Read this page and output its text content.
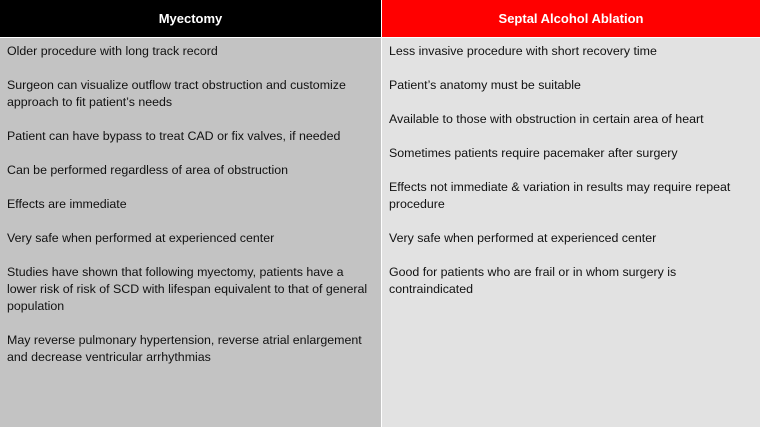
Myectomy
Older procedure with long track record
Surgeon can visualize outflow tract obstruction and customize approach to fit patient’s needs
Patient can have bypass to treat CAD or fix valves, if needed
Can be performed regardless of area of obstruction
Effects are immediate
Very safe when performed at experienced center
Studies have shown that following myectomy, patients have a lower risk of risk of SCD with lifespan equivalent to that of general population
May reverse pulmonary hypertension, reverse atrial enlargement and decrease ventricular arrhythmias
Septal Alcohol Ablation
Less invasive procedure with short recovery time
Patient’s anatomy must be suitable
Available to those with obstruction in certain area of heart
Sometimes patients require pacemaker after surgery
Effects not immediate & variation in results may require repeat procedure
Very safe when performed at experienced center
Good for patients who are frail or in whom surgery is contraindicated
